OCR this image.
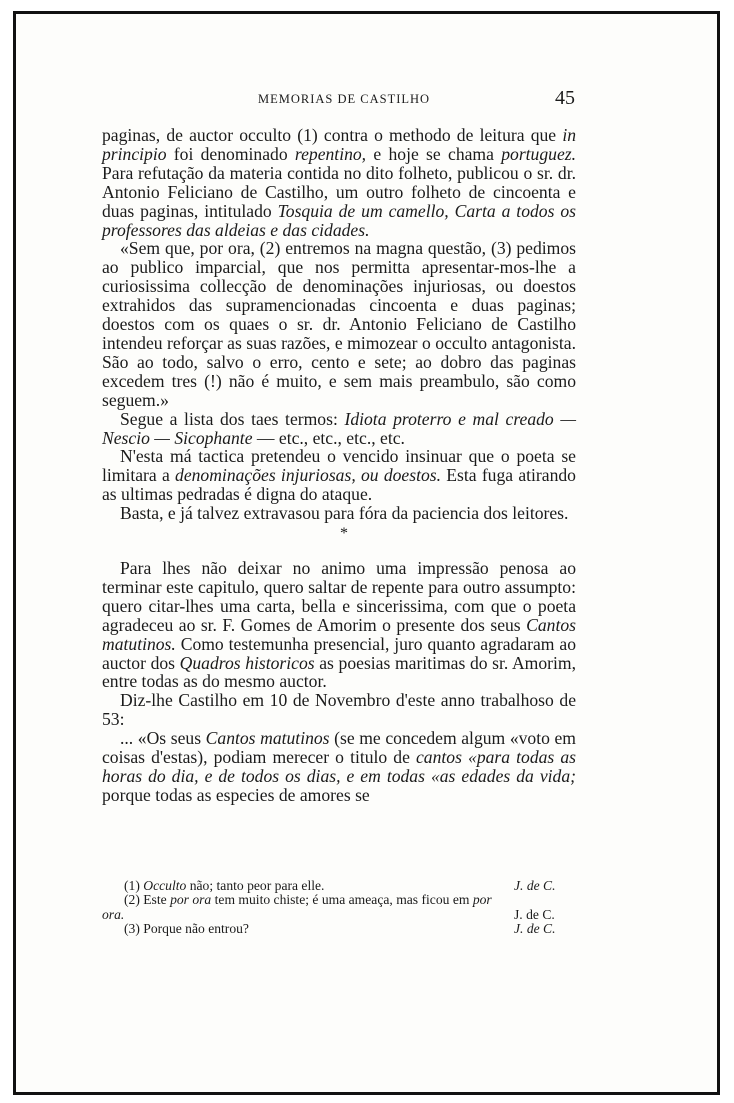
MEMORIAS DE CASTILHO	45

paginas, de auctor occulto (1) contra o methodo de leitura que in principio foi denominado repentino, e hoje se chama portuguez. Para refutação da materia contida no dito folheto, publicou o sr. dr. Antonio Feliciano de Castilho, um outro folheto de cincoenta e duas paginas, intitulado Tosquia de um camello, Carta a todos os professores das aldeias e das cidades.

«Sem que, por ora, (2) entremos na magna questão, (3) pedimos ao publico imparcial, que nos permitta apresentar-mos-lhe a curiosissima collecção de denominações injuriosas, ou doestos extrahidos das supramencionadas cincoenta e duas paginas; doestos com os quaes o sr. dr. Antonio Feliciano de Castilho intendeu reforçar as suas razões, e mimozear o occulto antagonista. São ao todo, salvo o erro, cento e sete; ao dobro das paginas excedem tres (!) não é muito, e sem mais preambulo, são como seguem.»

Segue a lista dos taes termos: Idiota proterro e mal creado — Nescio — Sicophante — etc., etc., etc., etc.

N'esta má tactica pretendeu o vencido insinuar que o poeta se limitara a denominações injuriosas, ou doestos. Esta fuga atirando as ultimas pedradas é digna do ataque.

Basta, e já talvez extravasou para fóra da paciencia dos leitores.

*

Para lhes não deixar no animo uma impressão penosa ao terminar este capitulo, quero saltar de repente para outro assumpto: quero citar-lhes uma carta, bella e sincerissima, com que o poeta agradeceu ao sr. F. Gomes de Amorim o presente dos seus Cantos matutinos. Como testemunha presencial, juro quanto agradaram ao auctor dos Quadros historicos as poesias maritimas do sr. Amorim, entre todas as do mesmo auctor.

Diz-lhe Castilho em 10 de Novembro d'este anno trabalhoso de 53:

... «Os seus Cantos matutinos (se me concedem algum «voto em coisas d'estas), podiam merecer o titulo de cantos «para todas as horas do dia, e de todos os dias, e em todas «as edades da vida; porque todas as especies de amores se

(1) Occulto não; tanto peor para elle.	J. de C.
(2) Este por ora tem muito chiste; é uma ameaça, mas ficou em por
ora.	J. de C.
(3) Porque não entrou?	J. de C.
